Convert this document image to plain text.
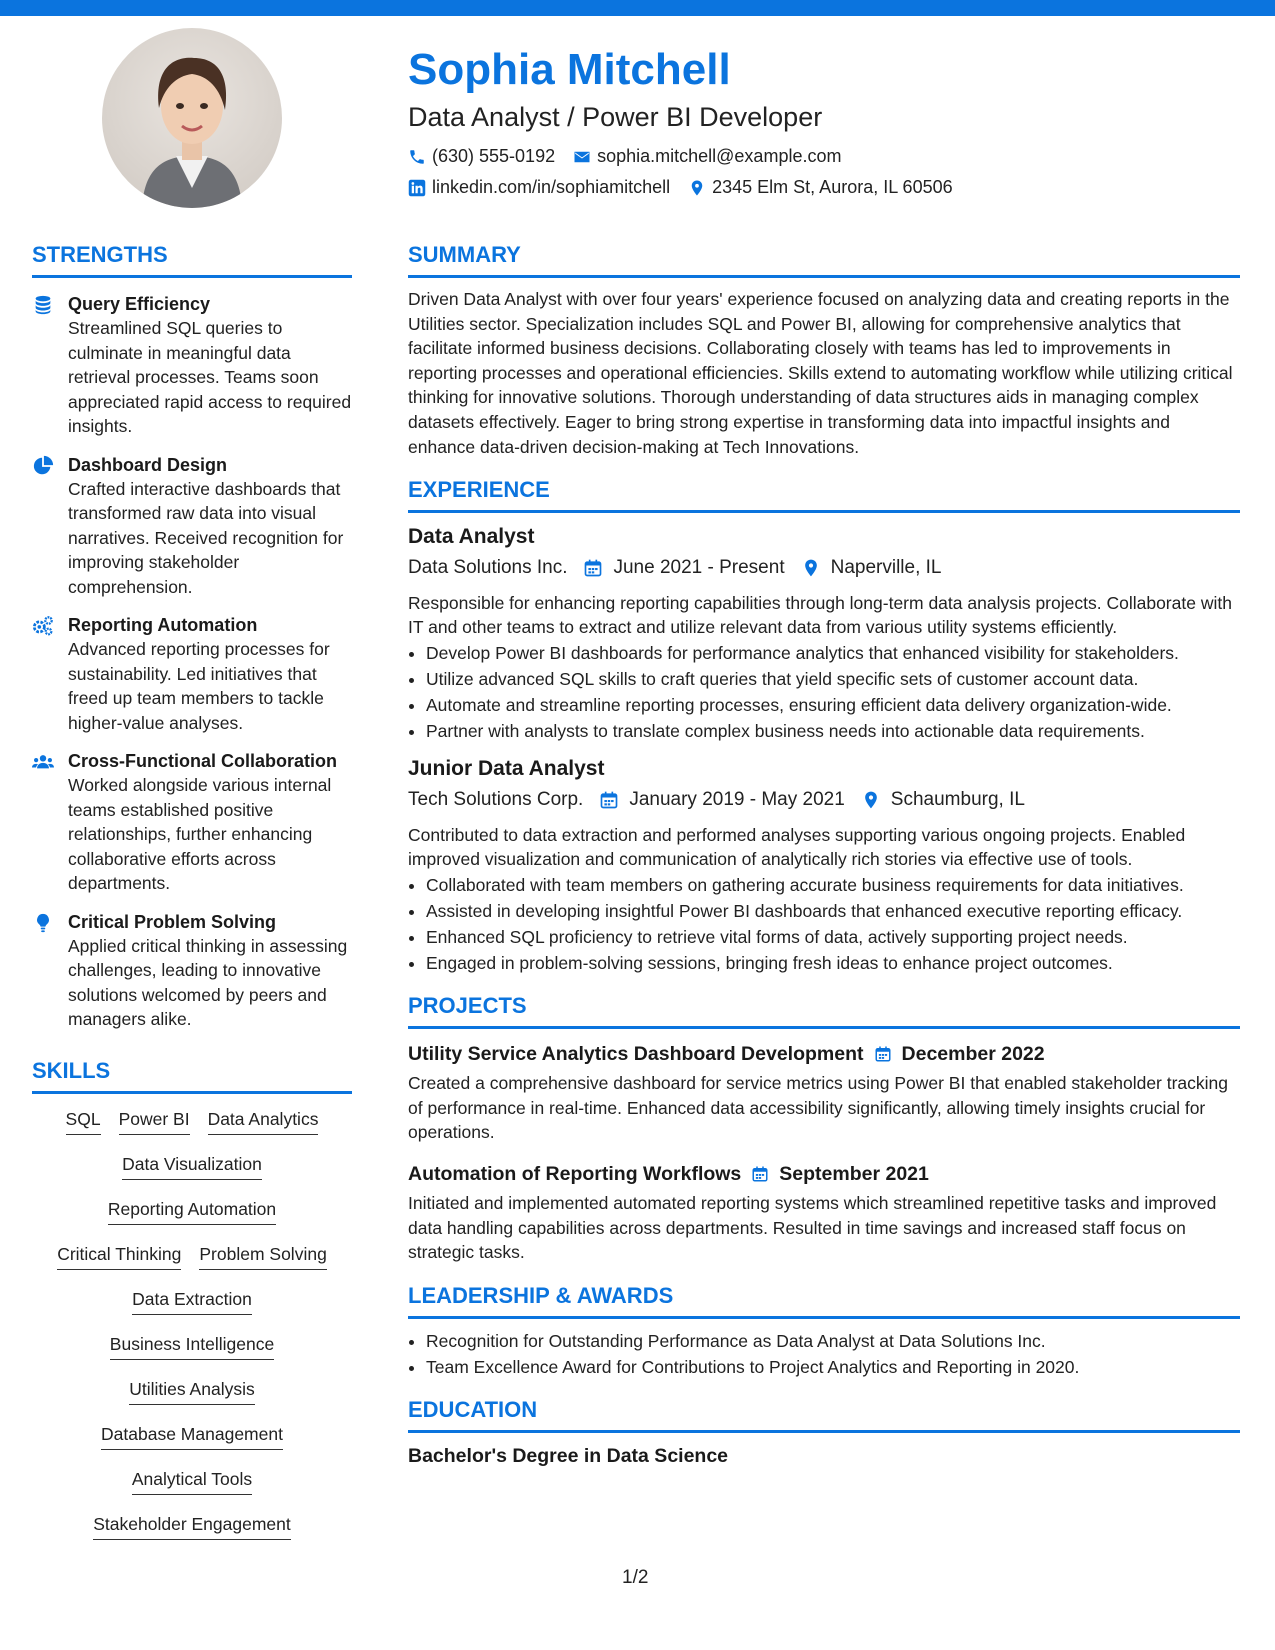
Sophia Mitchell
Data Analyst / Power BI Developer
(630) 555-0192 sophia.mitchell@example.com
linkedin.com/in/sophiamitchell 2345 Elm St, Aurora, IL 60506
STRENGTHS
Query Efficiency

Streamlined SQL queries to culminate in meaningful data retrieval processes. Teams soon appreciated rapid access to required insights.

Dashboard Design

Crafted interactive dashboards that transformed raw data into visual narratives. Received recognition for improving stakeholder comprehension.

Reporting Automation

Advanced reporting processes for sustainability. Led initiatives that freed up team members to tackle higher-value analyses.

Cross-Functional Collaboration

Worked alongside various internal teams established positive relationships, further enhancing collaborative efforts across departments.

Critical Problem Solving

Applied critical thinking in assessing challenges, leading to innovative solutions welcomed by peers and managers alike.

SKILLS
SQL Power BI Data Analytics
Data Visualization
Reporting Automation
Critical Thinking Problem Solving
Data Extraction
Business Intelligence
Utilities Analysis
Database Management
Analytical Tools
Stakeholder Engagement
SUMMARY

Driven Data Analyst with over four years' experience focused on analyzing data and creating reports in the Utilities sector. Specialization includes SQL and Power BI, allowing for comprehensive analytics that facilitate informed business decisions. Collaborating closely with teams has led to improvements in reporting processes and operational efficiencies. Skills extend to automating workflow while utilizing critical thinking for innovative solutions. Thorough understanding of data structures aids in managing complex datasets effectively. Eager to bring strong expertise in transforming data into impactful insights and enhance data-driven decision-making at Tech Innovations.

EXPERIENCE
Data Analyst
Data Solutions Inc. June 2021 - Present Naperville, IL

Responsible for enhancing reporting capabilities through long-term data analysis projects. Collaborate with IT and other teams to extract and utilize relevant data from various utility systems efficiently.

• Develop Power BI dashboards for performance analytics that enhanced visibility for stakeholders.
• Utilize advanced SQL skills to craft queries that yield specific sets of customer account data.
• Automate and streamline reporting processes, ensuring efficient data delivery organization-wide.
• Partner with analysts to translate complex business needs into actionable data requirements.
Junior Data Analyst
Tech Solutions Corp. January 2019 - May 2021 Schaumburg, IL

Contributed to data extraction and performed analyses supporting various ongoing projects. Enabled improved visualization and communication of analytically rich stories via effective use of tools.

• Collaborated with team members on gathering accurate business requirements for data initiatives.
• Assisted in developing insightful Power BI dashboards that enhanced executive reporting efficacy.
• Enhanced SQL proficiency to retrieve vital forms of data, actively supporting project needs.
• Engaged in problem-solving sessions, bringing fresh ideas to enhance project outcomes.
PROJECTS
Utility Service Analytics Dashboard Development December 2022

Created a comprehensive dashboard for service metrics using Power BI that enabled stakeholder tracking of performance in real-time. Enhanced data accessibility significantly, allowing timely insights crucial for operations.

Automation of Reporting Workflows September 2021

Initiated and implemented automated reporting systems which streamlined repetitive tasks and improved data handling capabilities across departments. Resulted in time savings and increased staff focus on strategic tasks.

LEADERSHIP & AWARDS
• Recognition for Outstanding Performance as Data Analyst at Data Solutions Inc.
• Team Excellence Award for Contributions to Project Analytics and Reporting in 2020.
EDUCATION
Bachelor's Degree in Data Science
1/2
